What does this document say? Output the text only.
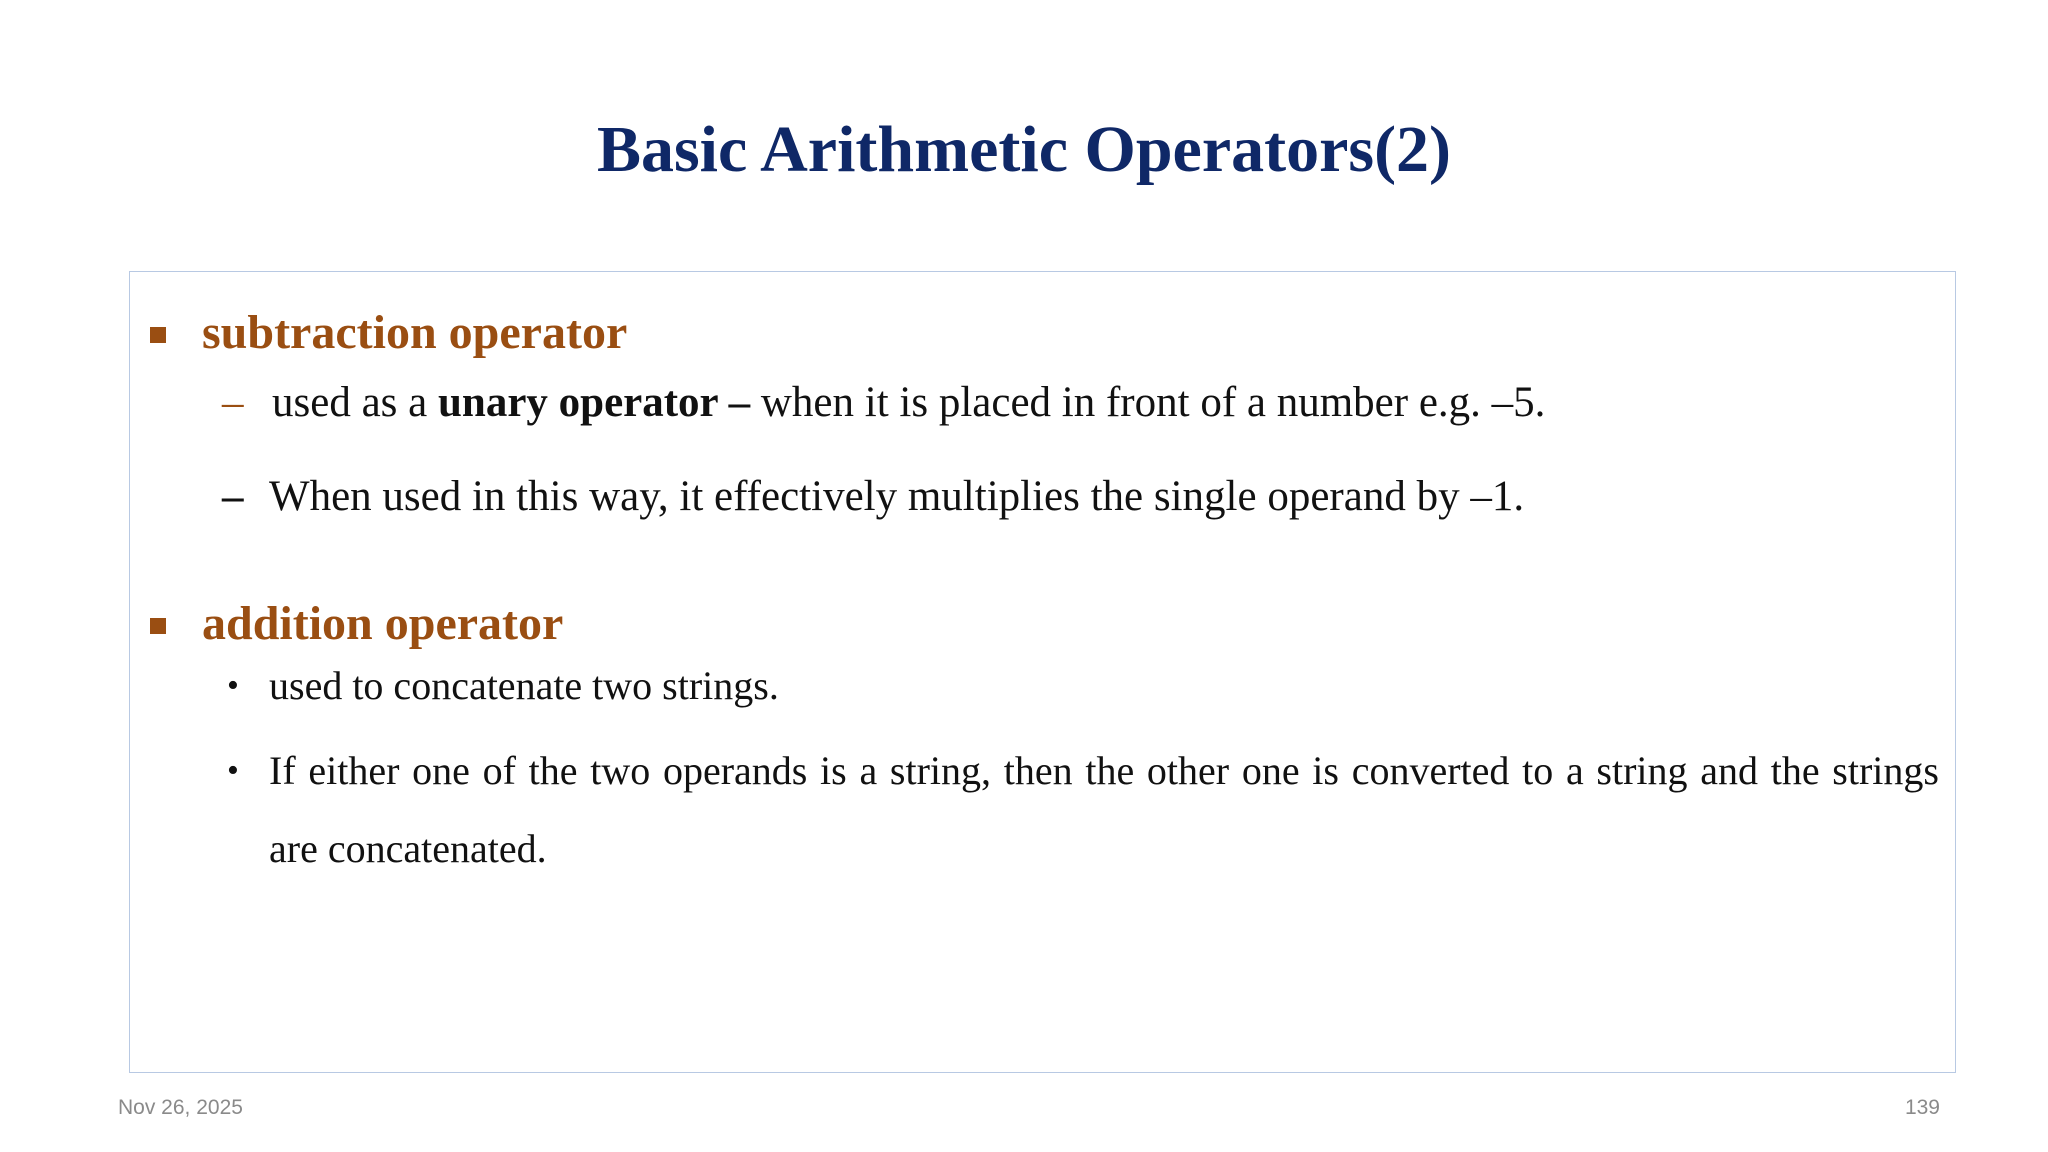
Basic Arithmetic Operators(2)
subtraction operator
– used as a unary operator – when it is placed in front of a number e.g. –5.
– When used in this way, it effectively multiplies the single operand by –1.
addition operator
• used to concatenate two strings.
• If either one of the two operands is a string, then the other one is converted to a string and the strings are concatenated.
Nov 26, 2025	139
